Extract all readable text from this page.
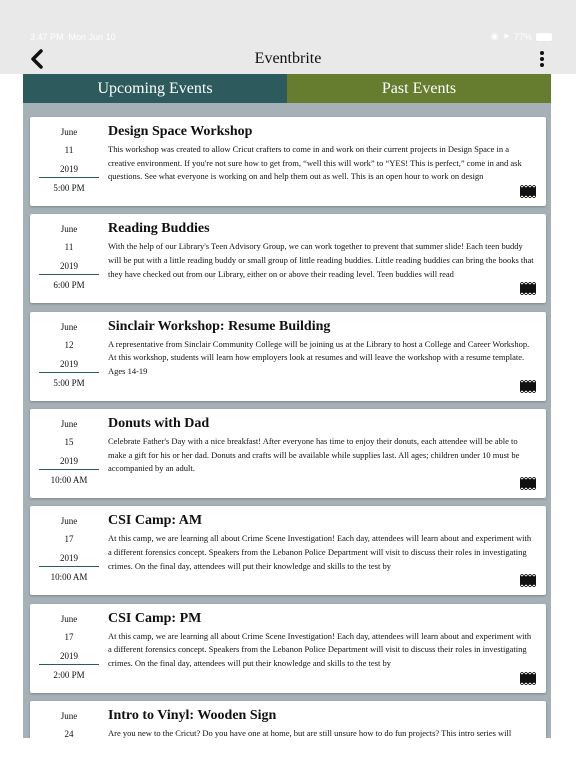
3:47 PM Mon Jun 10	◉ ➤ 77%
Eventbrite
Upcoming Events	Past Events
June
11
2019
5:00 PM
Design Space Workshop
This workshop was created to allow Cricut crafters to come in and work on their current projects in Design Space in a creative environment. If you're not sure how to get from, “well this will work” to “YES! This is perfect,” come in and ask questions. See what everyone is working on and help them out as well. This is an open hour to work on design
June
11
2019
6:00 PM
Reading Buddies
With the help of our Library's Teen Advisory Group, we can work together to prevent that summer slide! Each teen buddy will be put with a little reading buddy or small group of little reading buddies. Little reading buddies can bring the books that they have checked out from our Library, either on or above their reading level. Teen buddies will read
June
12
2019
5:00 PM
Sinclair Workshop: Resume Building
A representative from Sinclair Community College will be joining us at the Library to host a College and Career Workshop. At this workshop, students will learn how employers look at resumes and will leave the workshop with a resume template. Ages 14-19
June
15
2019
10:00 AM
Donuts with Dad
Celebrate Father's Day with a nice breakfast! After everyone has time to enjoy their donuts, each attendee will be able to make a gift for his or her dad. Donuts and crafts will be available while supplies last. All ages; children under 10 must be accompanied by an adult.
June
17
2019
10:00 AM
CSI Camp: AM
At this camp, we are learning all about Crime Scene Investigation! Each day, attendees will learn about and experiment with a different forensics concept. Speakers from the Lebanon Police Department will visit to discuss their roles in investigating crimes. On the final day, attendees will put their knowledge and skills to the test by
June
17
2019
2:00 PM
CSI Camp: PM
At this camp, we are learning all about Crime Scene Investigation! Each day, attendees will learn about and experiment with a different forensics concept. Speakers from the Lebanon Police Department will visit to discuss their roles in investigating crimes. On the final day, attendees will put their knowledge and skills to the test by
June
24
Intro to Vinyl: Wooden Sign
Are you new to the Cricut? Do you have one at home, but are still unsure how to do fun projects? This intro series will
